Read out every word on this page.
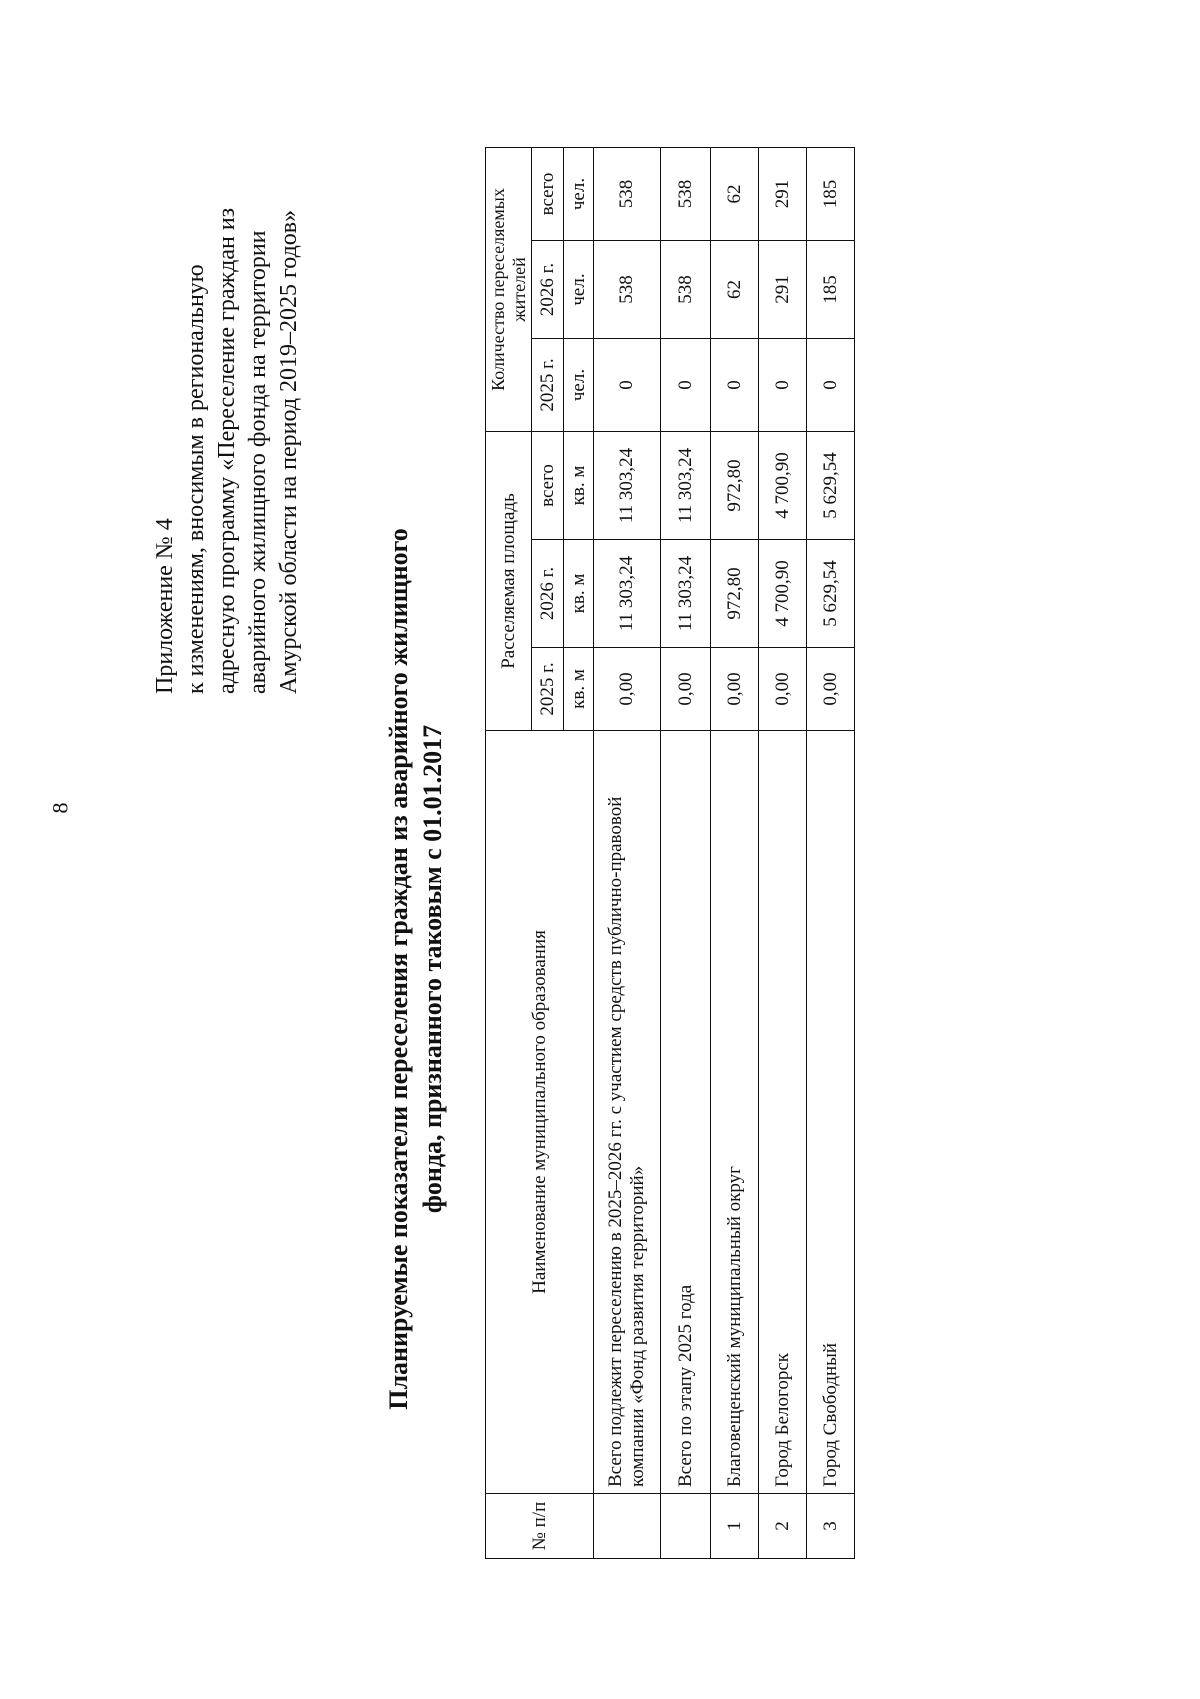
8
Приложение № 4 к изменениям, вносимым в региональную адресную программу «Переселение граждан из аварийного жилищного фонда на территории Амурской области на период 2019–2025 годов»
Планируемые показатели переселения граждан из аварийного жилищного фонда, признанного таковым с 01.01.2017
№ п/п	Наименование муниципального образования	Расселяемая площадь			Количество переселяемых жителей		
		2025 г.	2026 г.	всего	2025 г.	2026 г.	всего
		кв. м	кв. м	кв. м	чел.	чел.	чел.
	Всего подлежит переселению в 2025–2026 гг. с участием средств публично-правовой компании «Фонд развития территорий»	0,00	11 303,24	11 303,24	0	538	538
	Всего по этапу 2025 года	0,00	11 303,24	11 303,24	0	538	538
1	Благовещенский муниципальный округ	0,00	972,80	972,80	0	62	62
2	Город Белогорск	0,00	4 700,90	4 700,90	0	291	291
3	Город Свободный	0,00	5 629,54	5 629,54	0	185	185
